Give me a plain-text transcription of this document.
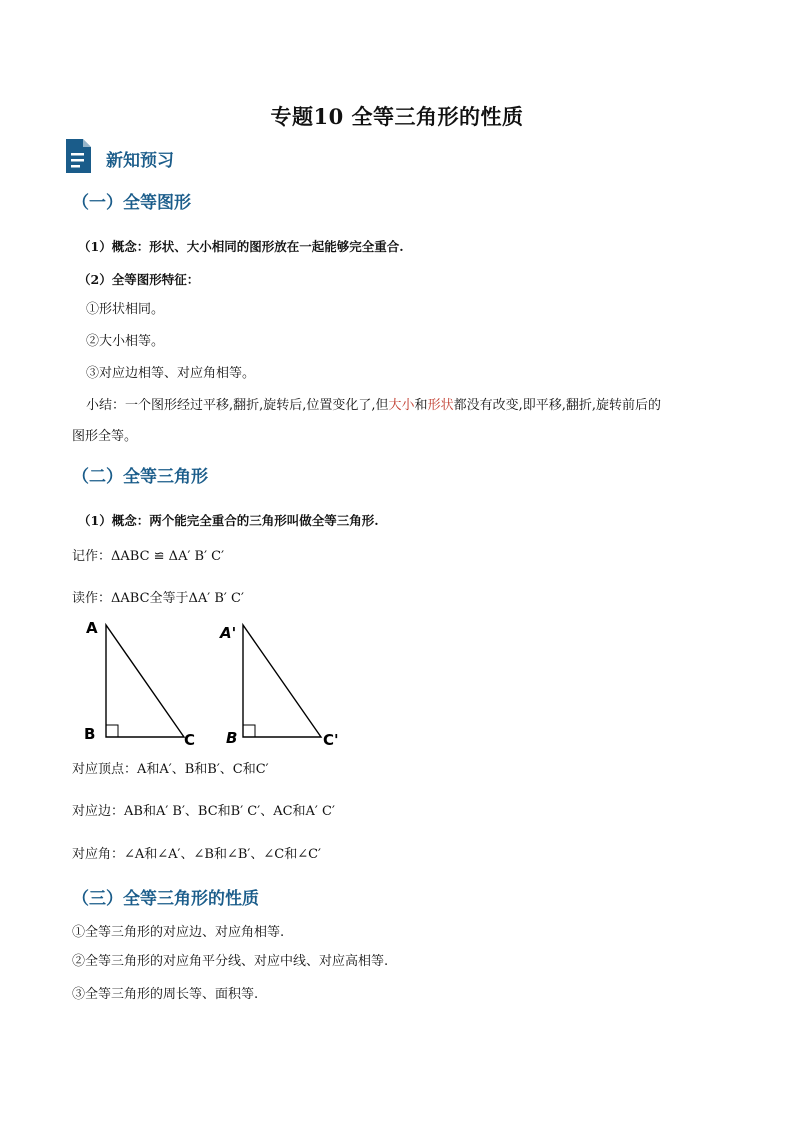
专题10 全等三角形的性质
新知预习
（一）全等图形
（1）概念：形状、大小相同的图形放在一起能够完全重合.
（2）全等图形特征：
①形状相同。
②大小相等。
③对应边相等、对应角相等。
小结：一个图形经过平移,翻折,旋转后,位置变化了,但大小和形状都没有改变,即平移,翻折,旋转前后的
图形全等。
（二）全等三角形
（1）概念：两个能完全重合的三角形叫做全等三角形.
记作：ΔABC ≌ ΔA′ B′ C′
读作：ΔABC全等于ΔA′ B′ C′
A
B	C
A'
B	C'
对应顶点：A和A′、B和B′、C和C′
对应边：AB和A′ B′、BC和B′ C′、AC和A′ C′
对应角：∠A和∠A′、∠B和∠B′、∠C和∠C′
（三）全等三角形的性质
①全等三角形的对应边、对应角相等.
②全等三角形的对应角平分线、对应中线、对应高相等.
③全等三角形的周长等、面积等.
